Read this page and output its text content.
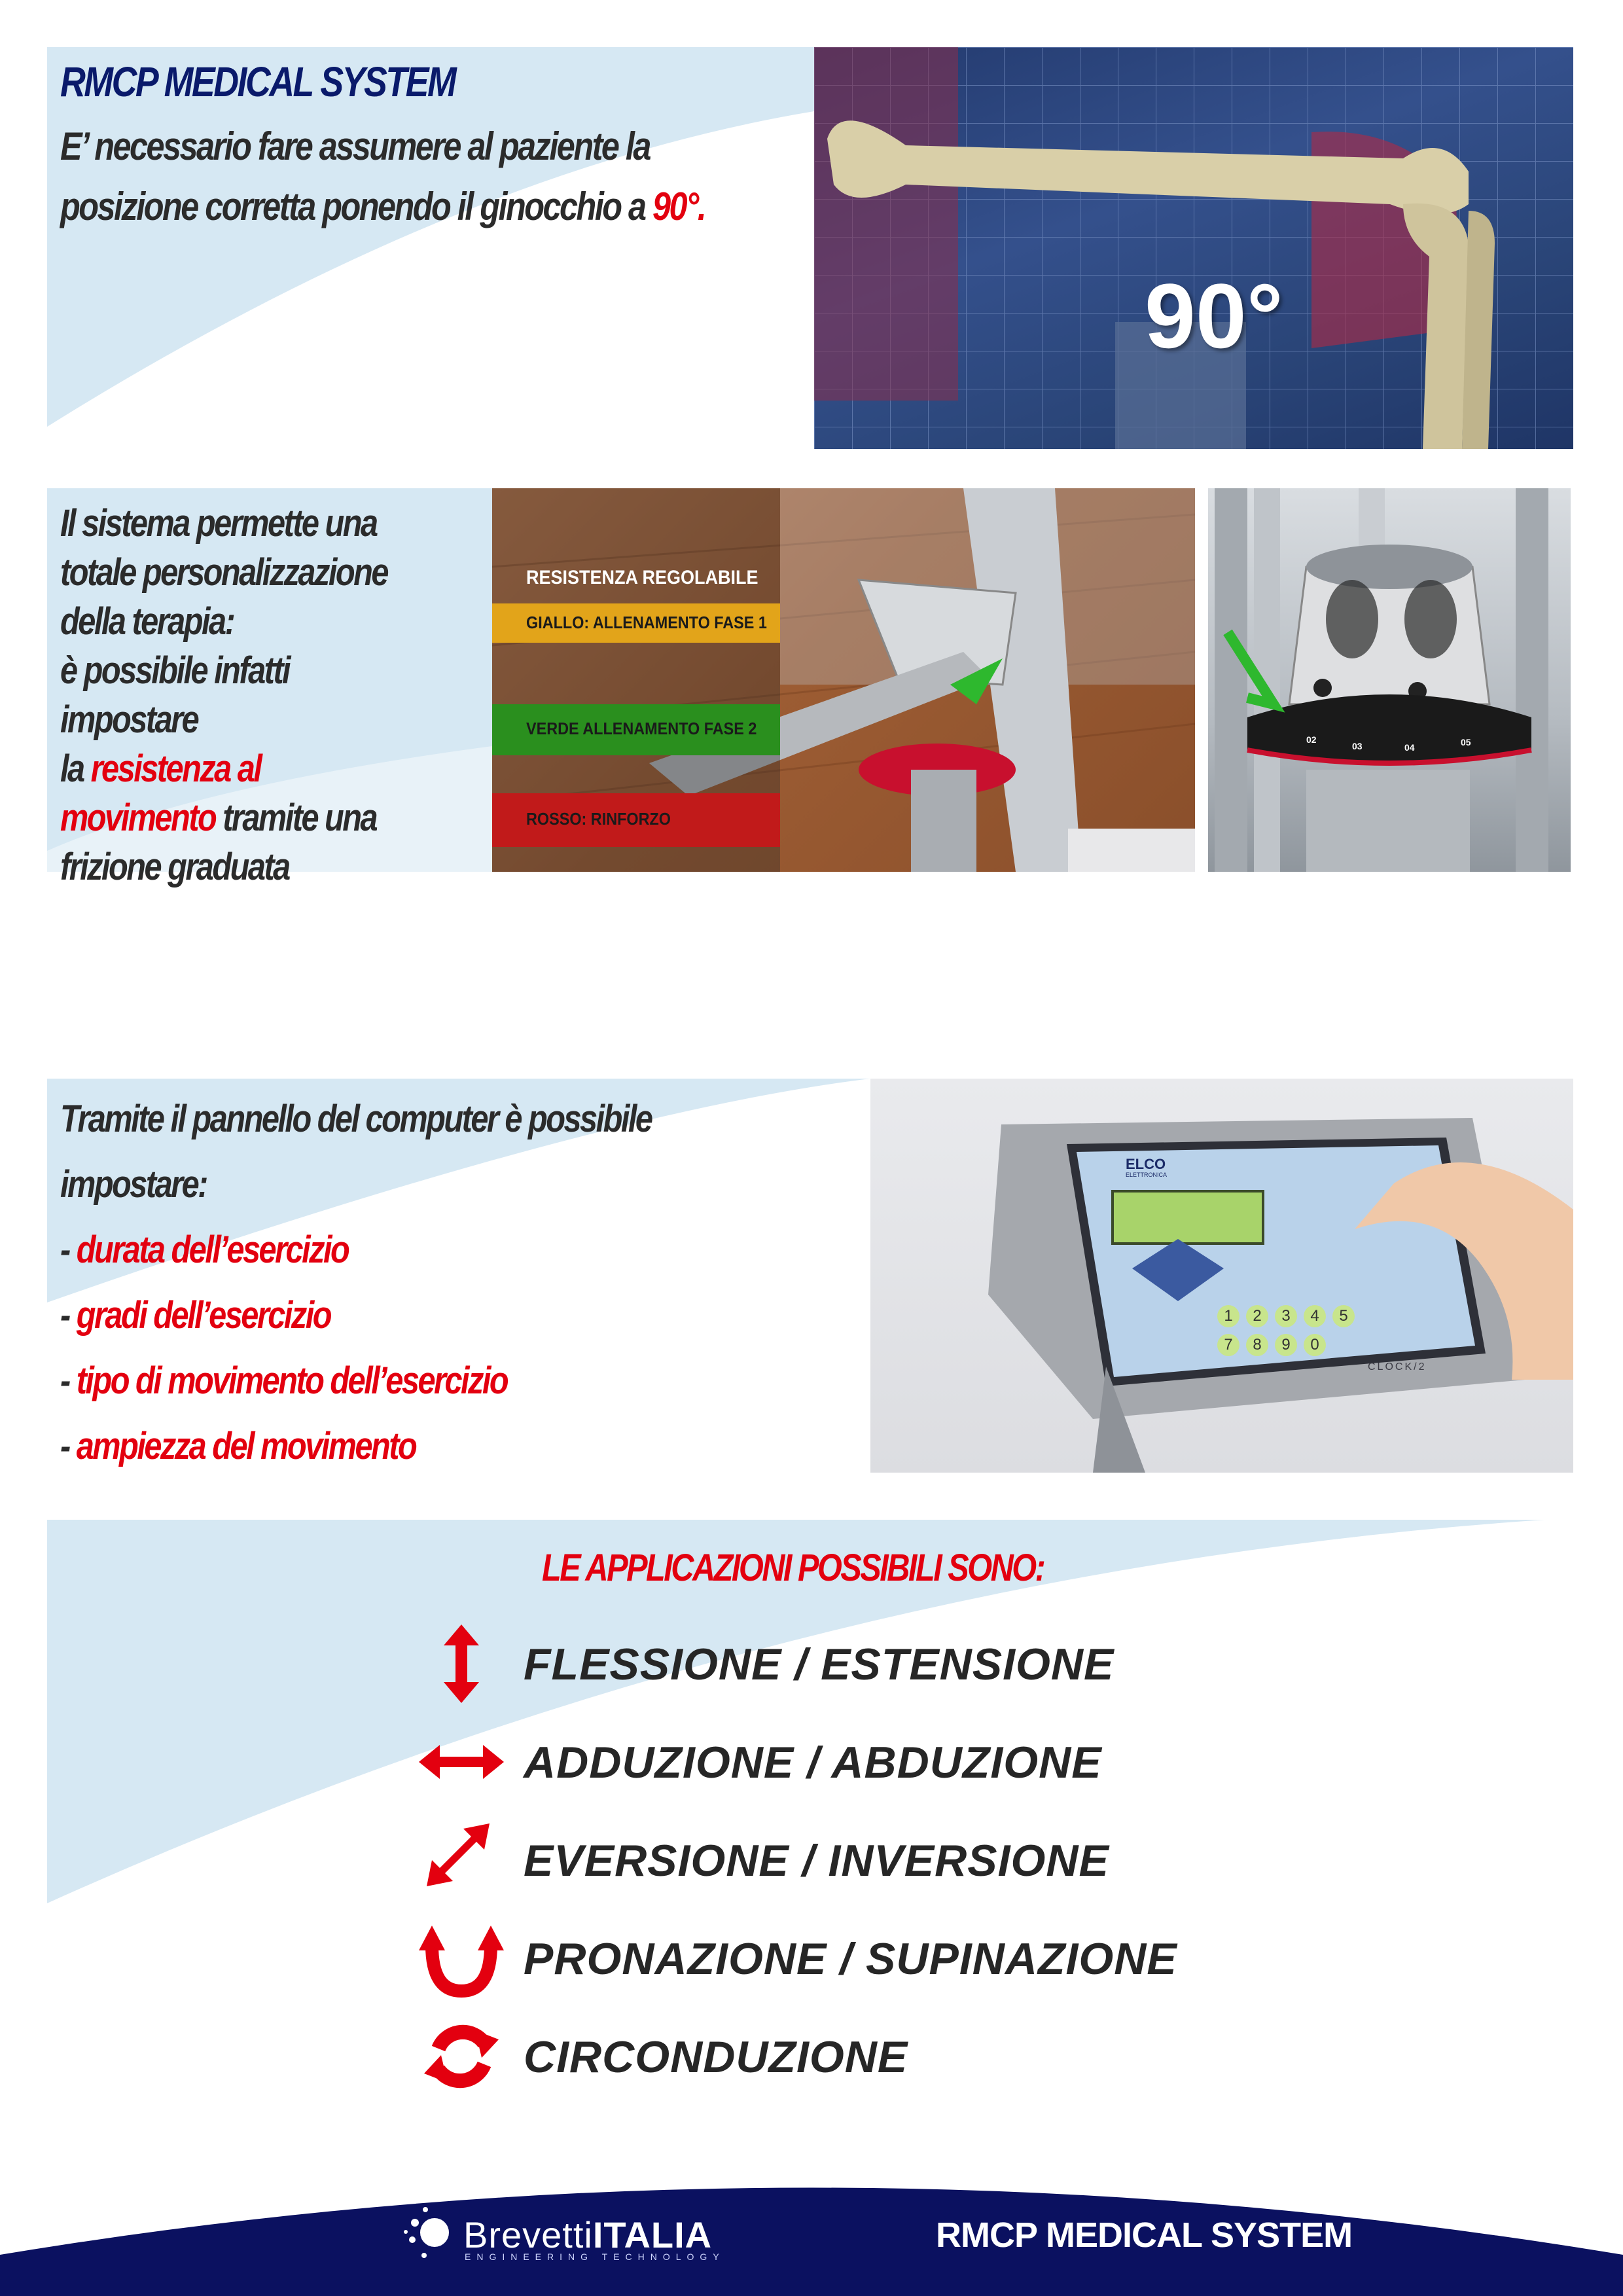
RMCP MEDICAL SYSTEM
E’ necessario fare assumere al paziente la
posizione corretta ponendo il ginocchio a 90°.
90°
Il sistema permette una
totale personalizzazione
della terapia:
è possibile infatti
impostare
la resistenza al
movimento tramite una
frizione graduata
RESISTENZA REGOLABILE
GIALLO: ALLENAMENTO FASE 1
VERDE ALLENAMENTO FASE 2
ROSSO: RINFORZO
02
03	04	05
Tramite il pannello del computer è possibile
impostare:
- durata dell’esercizio
- gradi dell’esercizio
- tipo di movimento dell’esercizio
- ampiezza del movimento
ELCO
ELETTRONICA
CLOCK/2
1	2	3	4	5
7	8	9	0
LE APPLICAZIONI POSSIBILI SONO:
FLESSIONE / ESTENSIONE
ADDUZIONE / ABDUZIONE
EVERSIONE / INVERSIONE
PRONAZIONE / SUPINAZIONE
CIRCONDUZIONE
BrevettiITALIA
ENGINEERING TECHNOLOGY
RMCP MEDICAL SYSTEM
